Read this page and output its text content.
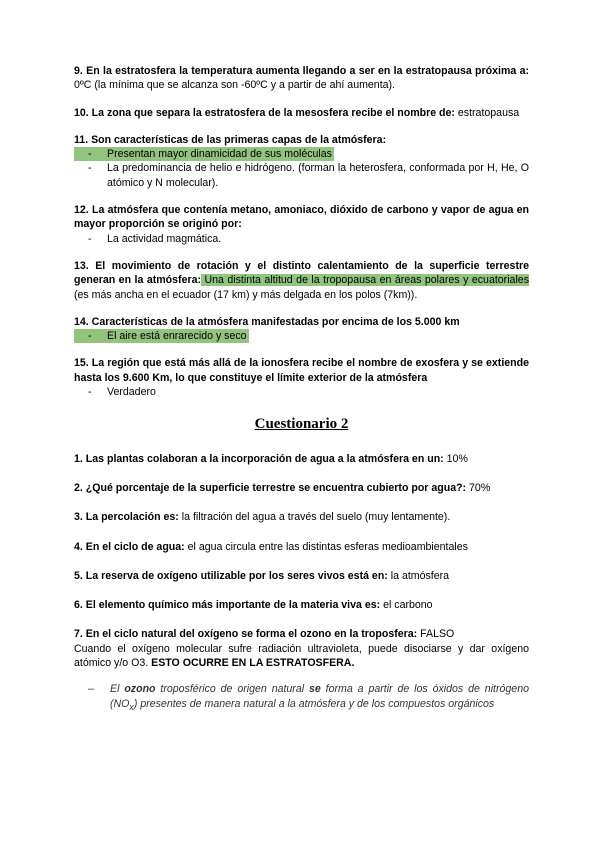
9. En la estratosfera la temperatura aumenta llegando a ser en la estratopausa próxima a: 0ºC (la mínima que se alcanza son -60ºC y a partir de ahí aumenta).

10. La zona que separa la estratosfera de la mesosfera recibe el nombre de: estratopausa

11. Son características de las primeras capas de la atmósfera:
- Presentan mayor dinamicidad de sus moléculas
- La predominancia de helio e hidrógeno. (forman la heterosfera, conformada por H, He, O atómico y N molecular).
12. La atmósfera que contenía metano, amoniaco, dióxido de carbono y vapor de agua en mayor proporción se originó por:
- La actividad magmática.

13. El movimiento de rotación y el distinto calentamiento de la superficie terrestre generan en la atmósfera: Una distinta altitud de la tropopausa en áreas polares y ecuatoriales (es más ancha en el ecuador (17 km) y más delgada en los polos (7km)).

14. Características de la atmósfera manifestadas por encima de los 5.000 km
- El aire está enrarecido y seco
15. La región que está más allá de la ionosfera recibe el nombre de exosfera y se extiende hasta los 9.600 Km, lo que constituye el límite exterior de la atmósfera
- Verdadero
Cuestionario 2

1. Las plantas colaboran a la incorporación de agua a la atmósfera en un: 10%

2. ¿Qué porcentaje de la superficie terrestre se encuentra cubierto por agua?: 70%

3. La percolación es: la filtración del agua a través del suelo (muy lentamente).

4. En el ciclo de agua: el agua circula entre las distintas esferas medioambientales

5. La reserva de oxígeno utilizable por los seres vivos está en: la atmósfera

6. El elemento químico más importante de la materia viva es: el carbono

7. En el ciclo natural del oxígeno se forma el ozono en la troposfera: FALSO
Cuando el oxígeno molecular sufre radiación ultravioleta, puede disociarse y dar oxígeno atómico y/o O3. ESTO OCURRE EN LA ESTRATOSFERA.
– El ozono troposférico de origen natural se forma a partir de los óxidos de nitrógeno $(NO_x)$ presentes de manera natural a la atmósfera y de los compuestos orgánicos
